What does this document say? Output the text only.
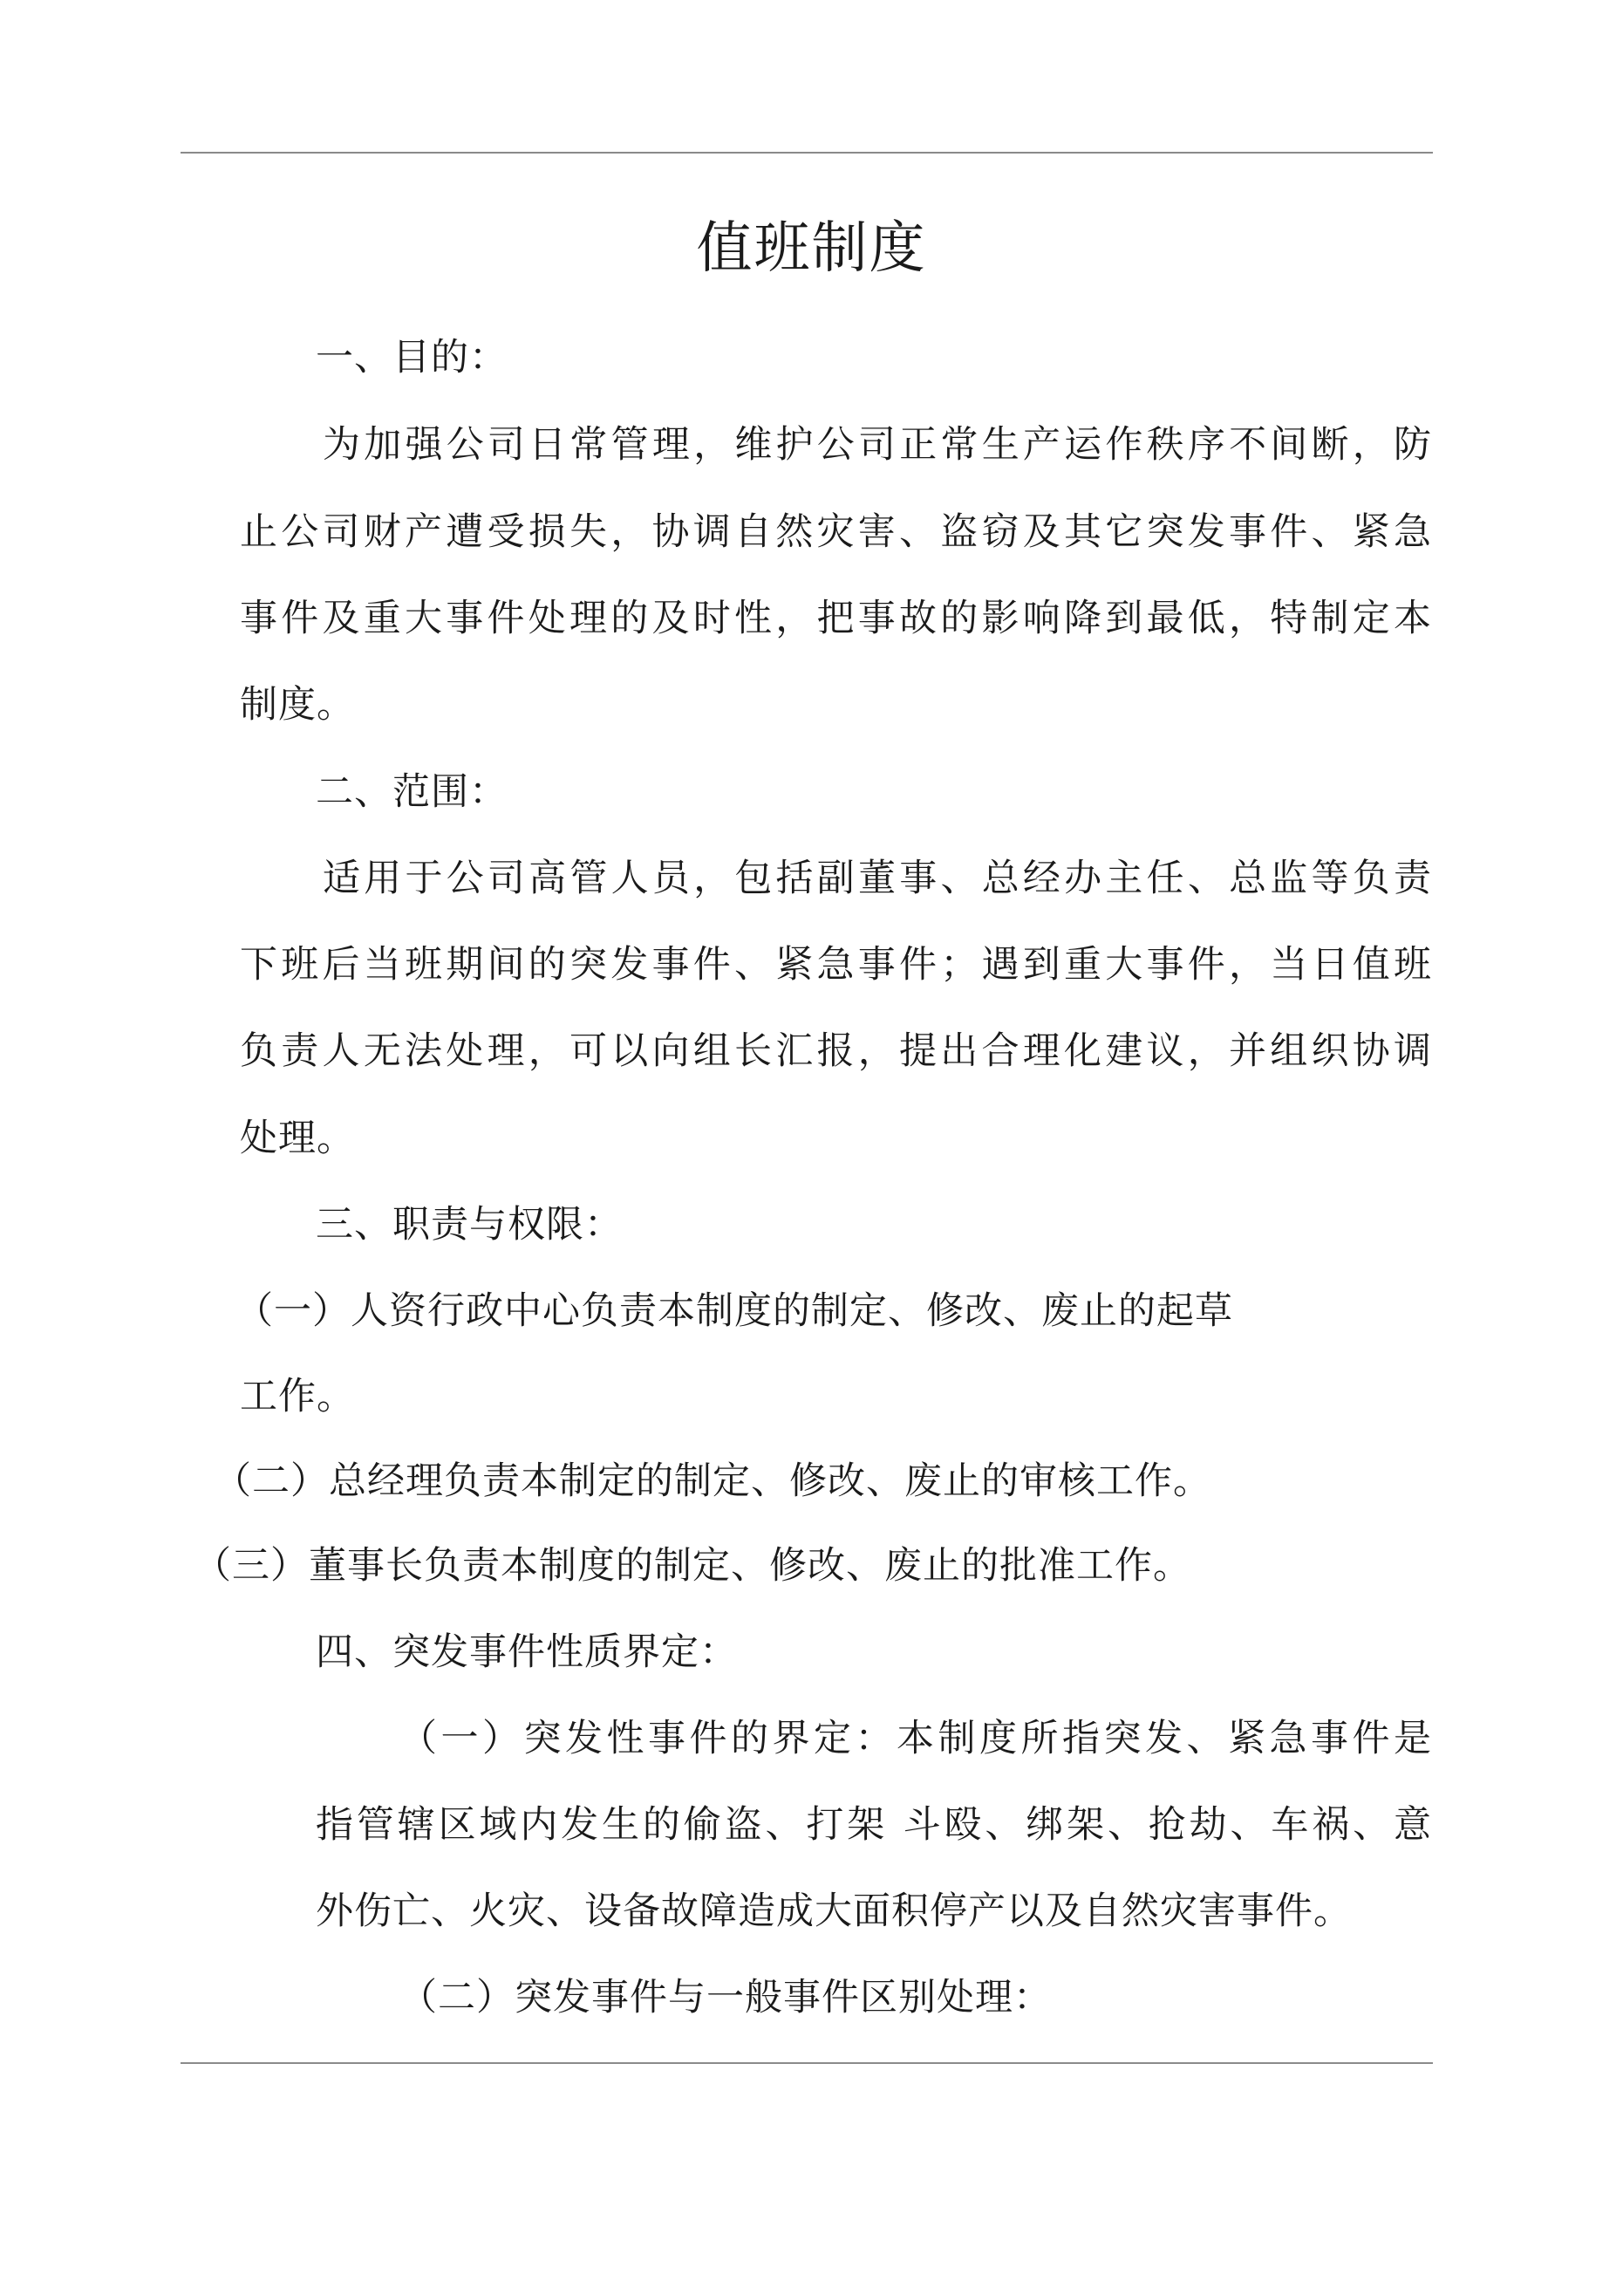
值班制度
一、目的：
为加强公司日常管理，维护公司正常生产运作秩序不间断，防
止公司财产遭受损失，协调自然灾害、盗窃及其它突发事件、紧急
事件及重大事件处理的及时性，把事故的影响降到最低，特制定本
制度。
二、范围：
适用于公司高管人员，包括副董事、总经办主任、总监等负责
下班后当班期间的突发事件、紧急事件；遇到重大事件，当日值班
负责人无法处理，可以向组长汇报，提出合理化建议，并组织协调
处理。
三、职责与权限：
（一）人资行政中心负责本制度的制定、修改、废止的起草
工作。
（二）总经理负责本制定的制定、修改、废止的审核工作。
（三）董事长负责本制度的制定、修改、废止的批准工作。
四、突发事件性质界定：
（一）突发性事件的界定：本制度所指突发、紧急事件是
指管辖区域内发生的偷盗、打架 斗殴、绑架、抢劫、车祸、意
外伤亡、火灾、设备故障造成大面积停产以及自然灾害事件。
（二）突发事件与一般事件区别处理：
